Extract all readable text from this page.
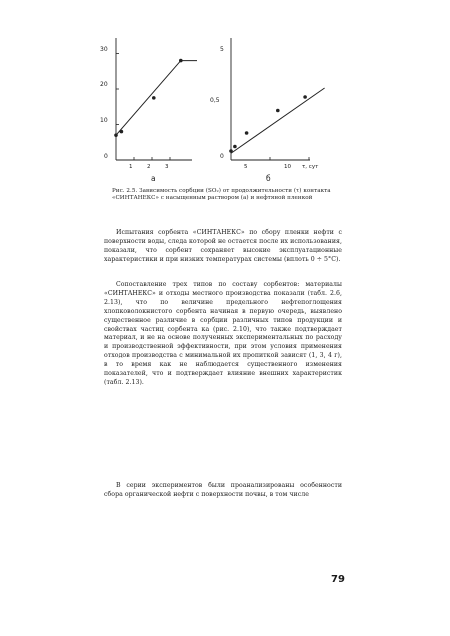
30
20
10
0
1	2	3
а
5
0,5
0
5	10 τ, сут
б

Рис. 2.5. Зависимость сорбции (SO₂) от продолжительности (τ) контакта «СИНТАНЕКС» с насыщенным раствором (а) и нефтяной пленкой

Испытания сорбента «СИНТАНЕКС» по сбору пленки нефти с поверхности воды, следа которой не остается после их использования, показали, что сорбент сохраняет высокие эксплуатационные характеристики и при низких температурах системы (вплоть 0 ÷ 5°C).

Сопоставление трех типов по составу сорбентов: материалы «СИНТАНЕКС» и отходы местного производства показали (табл. 2.6, 2.13), что по величине предельного нефтепоглощения хлопковолокнистого сорбента начиная в первую очередь, выявлено существенное различие в сорбции различных типов продукции и свойствах частиц сорбента ка (рис. 2.10), что также подтверждает материал, и не на основе полученных экспериментальных по расходу и производственной эффективности, при этом условия применения отходов производства с минимальной их пропиткой зависят (1, 3, 4 г), в то время как не наблюдается существенного изменения показателей, что и подтверждает влияние внешних характеристик (табл. 2.13).

В серии экспериментов были проанализированы особенности сбора органической нефти с поверхности почвы, в том числе

79
